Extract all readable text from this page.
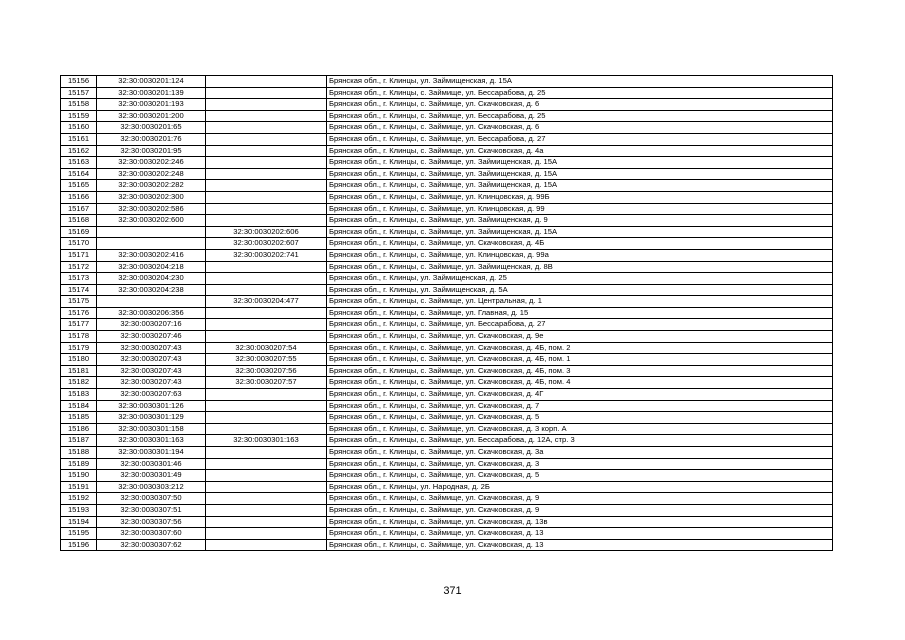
15156	32:30:0030201:124		Брянская обл., г. Клинцы, ул. Займищенская, д. 15А
15157	32:30:0030201:139		Брянская обл., г. Клинцы, с. Займище, ул. Бессарабова, д. 25
15158	32:30:0030201:193		Брянская обл., г. Клинцы, с. Займище, ул. Скачковская, д. 6
15159	32:30:0030201:200		Брянская обл., г. Клинцы, с. Займище, ул. Бессарабова, д. 25
15160	32:30:0030201:65		Брянская обл., г. Клинцы, с. Займище, ул. Скачковская, д. 6
15161	32:30:0030201:76		Брянская обл., г. Клинцы, с. Займище, ул. Бессарабова, д. 27
15162	32:30:0030201:95		Брянская обл., г. Клинцы, с. Займище, ул. Скачковская, д. 4а
15163	32:30:0030202:246		Брянская обл., г. Клинцы, с. Займище, ул. Займищенская, д. 15А
15164	32:30:0030202:248		Брянская обл., г. Клинцы, с. Займище, ул. Займищенская, д. 15А
15165	32:30:0030202:282		Брянская обл., г. Клинцы, с. Займище, ул. Займищенская, д. 15А
15166	32:30:0030202:300		Брянская обл., г. Клинцы, с. Займище, ул. Клинцовская, д. 99Б
15167	32:30:0030202:586		Брянская обл., г. Клинцы, с. Займище, ул. Клинцовская, д. 99
15168	32:30:0030202:600		Брянская обл., г. Клинцы, с. Займище, ул. Займищенская, д. 9
15169		32:30:0030202:606	Брянская обл., г. Клинцы, с. Займище, ул. Займищенская, д. 15А
15170		32:30:0030202:607	Брянская обл., г. Клинцы, с. Займище, ул. Скачковская, д. 4Б
15171	32:30:0030202:416	32:30:0030202:741	Брянская обл., г. Клинцы, с. Займище, ул. Клинцовская, д. 99а
15172	32:30:0030204:218		Брянская обл., г. Клинцы, с. Займище, ул. Займищенская, д. 8В
15173	32:30:0030204:230		Брянская обл., г. Клинцы, ул. Займищенская, д. 25
15174	32:30:0030204:238		Брянская обл., г. Клинцы, ул. Займищенская, д. 5А
15175		32:30:0030204:477	Брянская обл., г. Клинцы, с. Займище, ул. Центральная, д. 1
15176	32:30:0030206:356		Брянская обл., г. Клинцы, с. Займище, ул. Главная, д. 15
15177	32:30:0030207:16		Брянская обл., г. Клинцы, с. Займище, ул. Бессарабова, д. 27
15178	32:30:0030207:46		Брянская обл., г. Клинцы, с. Займище, ул. Скачковская, д. 9е
15179	32:30:0030207:43	32:30:0030207:54	Брянская обл., г. Клинцы, с. Займище, ул. Скачковская, д. 4Б, пом. 2
15180	32:30:0030207:43	32:30:0030207:55	Брянская обл., г. Клинцы, с. Займище, ул. Скачковская, д. 4Б, пом. 1
15181	32:30:0030207:43	32:30:0030207:56	Брянская обл., г. Клинцы, с. Займище, ул. Скачковская, д. 4Б, пом. 3
15182	32:30:0030207:43	32:30:0030207:57	Брянская обл., г. Клинцы, с. Займище, ул. Скачковская, д. 4Б, пом. 4
15183	32:30:0030207:63		Брянская обл., г. Клинцы, с. Займище, ул. Скачковская, д. 4Г
15184	32:30:0030301:126		Брянская обл., г. Клинцы, с. Займище, ул. Скачковская, д. 7
15185	32:30:0030301:129		Брянская обл., г. Клинцы, с. Займище, ул. Скачковская, д. 5
15186	32:30:0030301:158		Брянская обл., г. Клинцы, с. Займище, ул. Скачковская, д. 3 корп. А
15187	32:30:0030301:163	32:30:0030301:163	Брянская обл., г. Клинцы, с. Займище, ул. Бессарабова, д. 12А, стр. 3
15188	32:30:0030301:194		Брянская обл., г. Клинцы, с. Займище, ул. Скачковская, д. 3а
15189	32:30:0030301:46		Брянская обл., г. Клинцы, с. Займище, ул. Скачковская, д. 3
15190	32:30:0030301:49		Брянская обл., г. Клинцы, с. Займище, ул. Скачковская, д. 5
15191	32:30:0030303:212		Брянская обл., г. Клинцы, ул. Народная, д. 2Б
15192	32:30:0030307:50		Брянская обл., г. Клинцы, с. Займище, ул. Скачковская, д. 9
15193	32:30:0030307:51		Брянская обл., г. Клинцы, с. Займище, ул. Скачковская, д. 9
15194	32:30:0030307:56		Брянская обл., г. Клинцы, с. Займище, ул. Скачковская, д. 13в
15195	32:30:0030307:60		Брянская обл., г. Клинцы, с. Займище, ул. Скачковская, д. 13
15196	32:30:0030307:62		Брянская обл., г. Клинцы, с. Займище, ул. Скачковская, д. 13
371
